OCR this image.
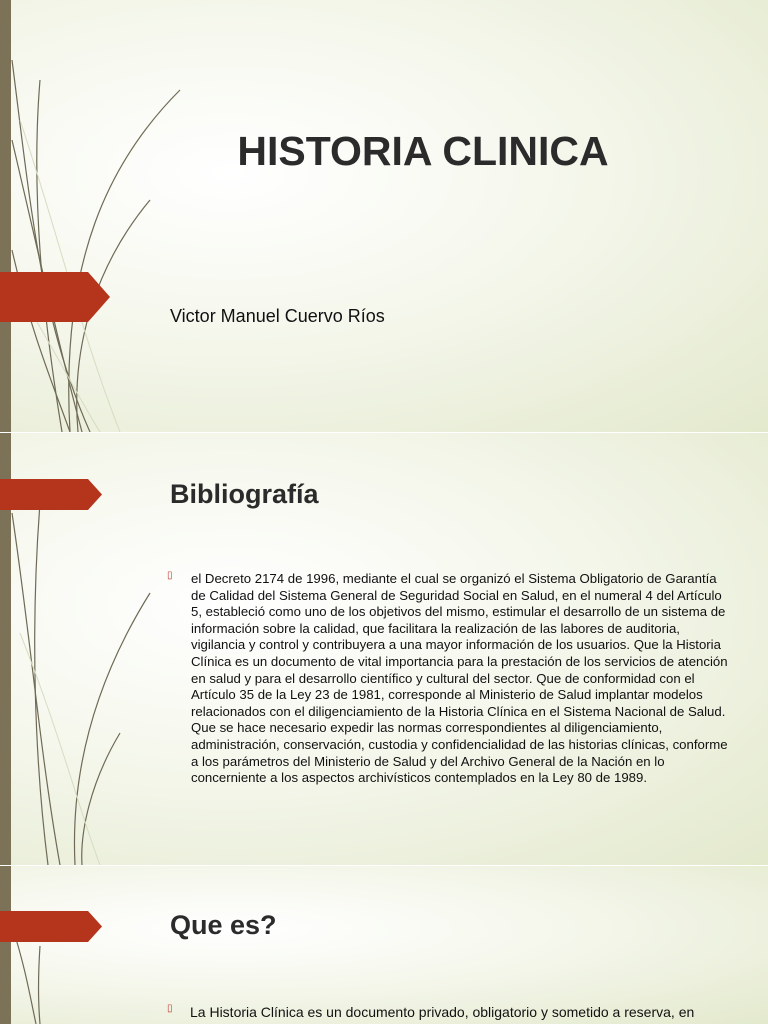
HISTORIA CLINICA
Victor Manuel Cuervo Ríos
Bibliografía
▯ el Decreto 2174 de 1996, mediante el cual se organizó el Sistema Obligatorio de Garantía de Calidad del Sistema General de Seguridad Social en Salud, en el numeral 4 del Artículo 5, estableció como uno de los objetivos del mismo, estimular el desarrollo de un sistema de información sobre la calidad, que facilitara la realización de las labores de auditoria, vigilancia y control y contribuyera a una mayor información de los usuarios. Que la Historia Clínica es un documento de vital importancia para la prestación de los servicios de atención en salud y para el desarrollo científico y cultural del sector. Que de conformidad con el Artículo 35 de la Ley 23 de 1981, corresponde al Ministerio de Salud implantar modelos relacionados con el diligenciamiento de la Historia Clínica en el Sistema Nacional de Salud. Que se hace necesario expedir las normas correspondientes al diligenciamiento, administración, conservación, custodia y confidencialidad de las historias clínicas, conforme a los parámetros del Ministerio de Salud y del Archivo General de la Nación en lo concerniente a los aspectos archivísticos contemplados en la Ley 80 de 1989.

Que es?
▯ La Historia Clínica es un documento privado, obligatorio y sometido a reserva, en
